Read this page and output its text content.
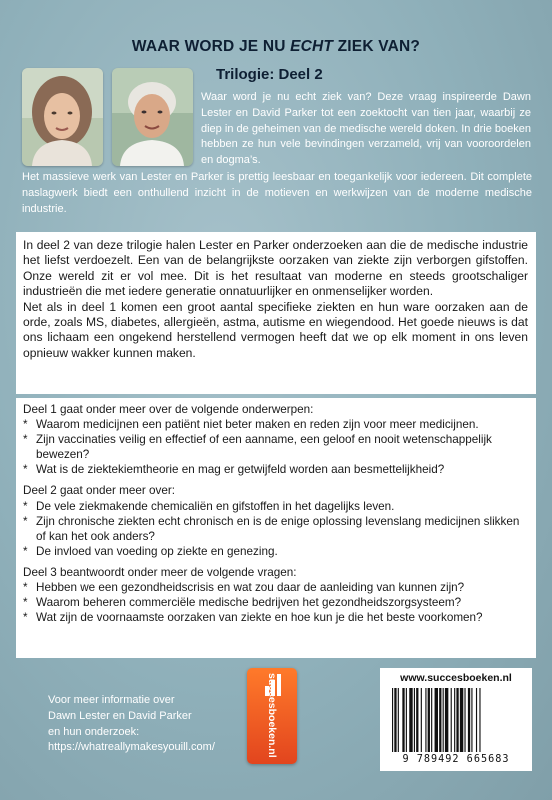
WAAR WORD JE NU ECHT ZIEK VAN?
Trilogie: Deel 2
Waar word je nu echt ziek van? Deze vraag inspireerde Dawn Lester en David Parker tot een zoektocht van tien jaar, waarbij ze diep in de geheimen van de medische wereld doken. In drie boeken hebben ze hun vele bevindingen verzameld, vrij van vooroordelen en dogma’s.
Het massieve werk van Lester en Parker is prettig leesbaar en toegankelijk voor iedereen. Dit complete naslagwerk biedt een onthullend inzicht in de motieven en werkwijzen van de moderne medische industrie.

In deel 2 van deze trilogie halen Lester en Parker onderzoeken aan die de medische industrie het liefst verdoezelt. Een van de belangrijkste oorzaken van ziekte zijn verborgen gifstoffen. Onze wereld zit er vol mee. Dit is het resultaat van moderne en steeds grootschaliger industrieën die met iedere generatie onnatuurlijker en onmenselijker worden.

Net als in deel 1 komen een groot aantal specifieke ziekten en hun ware oorzaken aan de orde, zoals MS, diabetes, allergieën, astma, autisme en wiegendood. Het goede nieuws is dat ons lichaam een ongekend herstellend vermogen heeft dat we op elk moment in ons leven opnieuw wakker kunnen maken.

Deel 1 gaat onder meer over de volgende onderwerpen:

* Waarom medicijnen een patiënt niet beter maken en reden zijn voor meer medicijnen.
* Zijn vaccinaties veilig en effectief of een aanname, een geloof en nooit wetenschappelijk bewezen?
* Wat is de ziektekiemtheorie en mag er getwijfeld worden aan besmettelijkheid?

Deel 2 gaat onder meer over:

* De vele ziekmakende chemicaliën en gifstoffen in het dagelijks leven.
* Zijn chronische ziekten echt chronisch en is de enige oplossing levenslang medicijnen slikken of kan het ook anders?
* De invloed van voeding op ziekte en genezing.

Deel 3 beantwoordt onder meer de volgende vragen:

* Hebben we een gezondheidscrisis en wat zou daar de aanleiding van kunnen zijn?
* Waarom beheren commerciële medische bedrijven het gezondheidszorgsysteem?
* Wat zijn de voornaamste oorzaken van ziekte en hoe kun je die het beste voorkomen?
Voor meer informatie over
Dawn Lester en David Parker
en hun onderzoek:
https://whatreallymakesyouill.com/	succesboeken.nl	www.succesboeken.nl
9 789492 665683
